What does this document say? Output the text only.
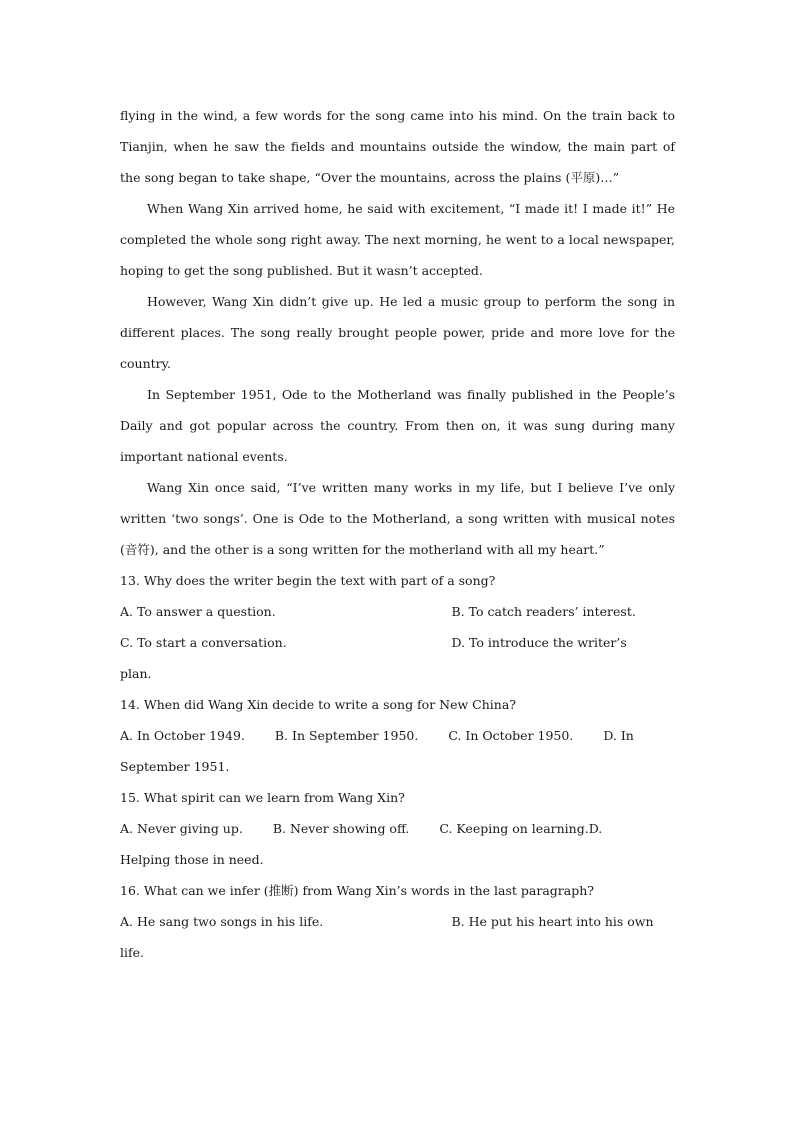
flying in the wind, a few words for the song came into his mind. On the train back to Tianjin, when he saw the fields and mountains outside the window, the main part of the song began to take shape, “Over the mountains, across the plains (平原)…”

When Wang Xin arrived home, he said with excitement, “I made it! I made it!” He completed the whole song right away. The next morning, he went to a local newspaper, hoping to get the song published. But it wasn’t accepted.

However, Wang Xin didn’t give up. He led a music group to perform the song in different places. The song really brought people power, pride and more love for the country.

In September 1951, Ode to the Motherland was finally published in the People’s Daily and got popular across the country. From then on, it was sung during many important national events.

Wang Xin once said, “I’ve written many works in my life, but I believe I’ve only written ‘two songs’. One is Ode to the Motherland, a song written with musical notes (音符), and the other is a song written for the motherland with all my heart.”

13. Why does the writer begin the text with part of a song?

A. To answer a question.	B. To catch readers’ interest.
C. To start a conversation.	D. To introduce the writer’s
plan.

14. When did Wang Xin decide to write a song for New China?

A. In October 1949. B. In September 1950. C. In October 1950. D. In
September 1951.

15. What spirit can we learn from Wang Xin?

A. Never giving up. B. Never showing off. C. Keeping on learning.D.
Helping those in need.

16. What can we infer (推断) from Wang Xin’s words in the last paragraph?

A. He sang two songs in his life.	B. He put his heart into his own
life.
